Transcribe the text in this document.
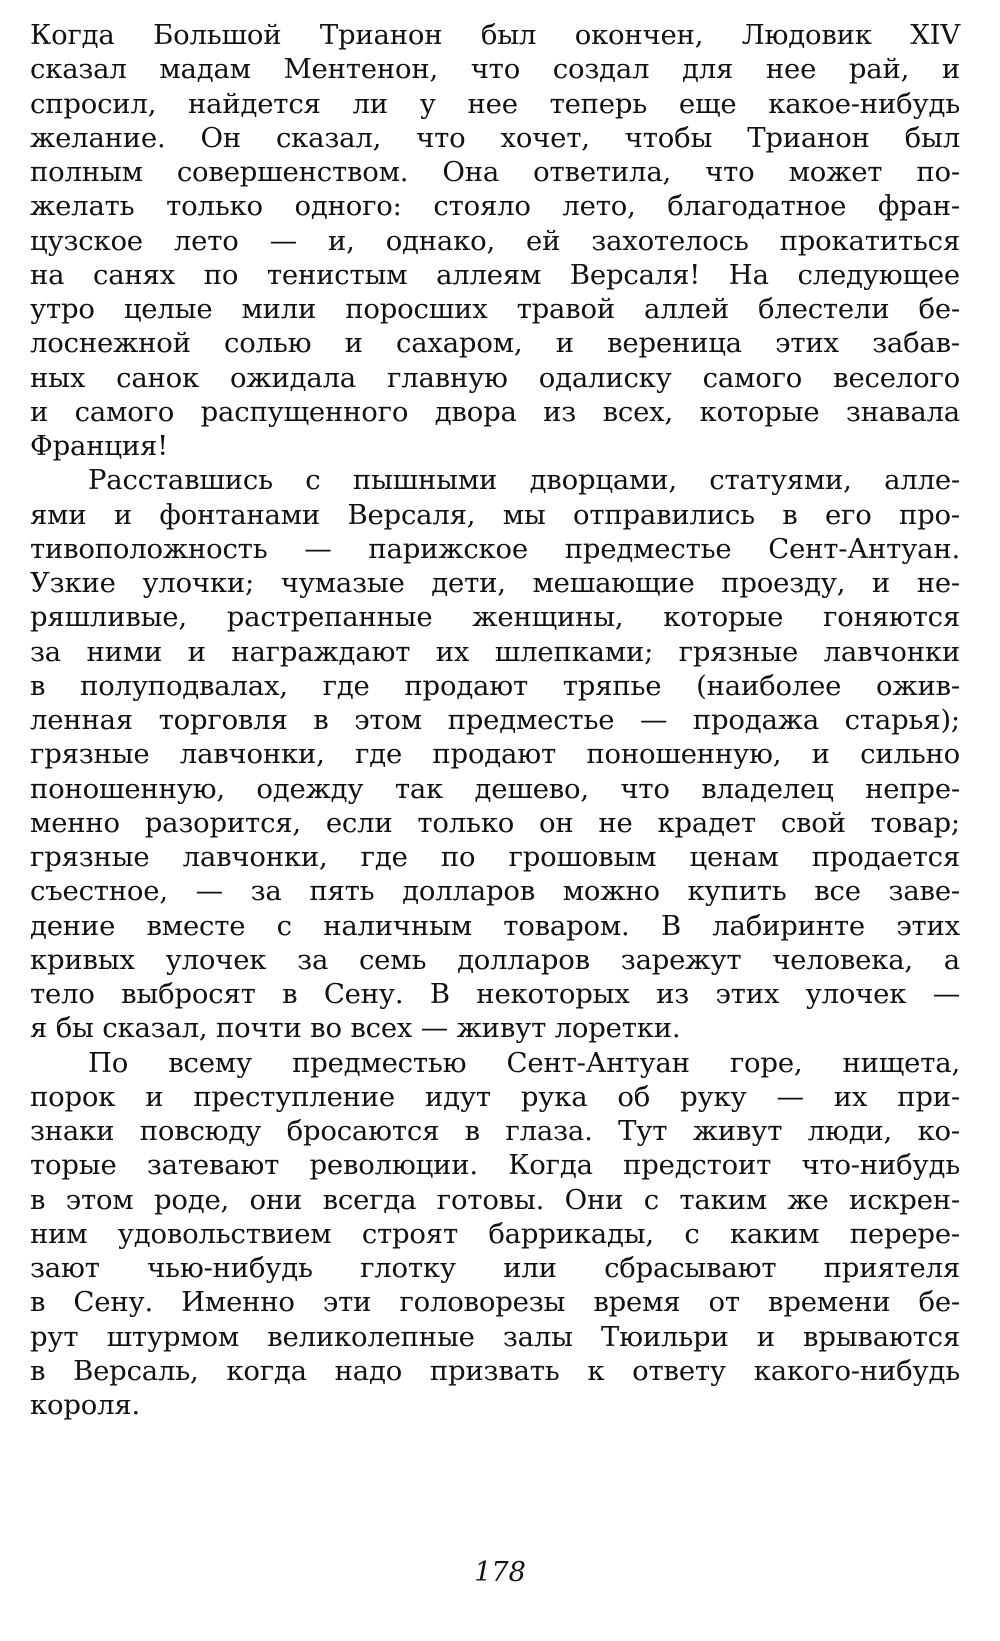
Когда Большой Трианон был окончен, Людовик XIV
сказал мадам Ментенон, что создал для нее рай, и
спросил, найдется ли у нее теперь еще какое-нибудь
желание. Он сказал, что хочет, чтобы Трианон был
полным совершенством. Она ответила, что может по-
желать только одного: стояло лето, благодатное фран-
цузское лето — и, однако, ей захотелось прокатиться
на санях по тенистым аллеям Версаля! На следующее
утро целые мили поросших травой аллей блестели бе-
лоснежной солью и сахаром, и вереница этих забав-
ных санок ожидала главную одалиску самого веселого
и самого распущенного двора из всех, которые знавала
Франция!
Расставшись с пышными дворцами, статуями, алле-
ями и фонтанами Версаля, мы отправились в его про-
тивоположность — парижское предместье Сент-Антуан.
Узкие улочки; чумазые дети, мешающие проезду, и не-
ряшливые, растрепанные женщины, которые гоняются
за ними и награждают их шлепками; грязные лавчонки
в полуподвалах, где продают тряпье (наиболее ожив-
ленная торговля в этом предместье — продажа старья);
грязные лавчонки, где продают поношенную, и сильно
поношенную, одежду так дешево, что владелец непре-
менно разорится, если только он не крадет свой товар;
грязные лавчонки, где по грошовым ценам продается
съестное, — за пять долларов можно купить все заве-
дение вместе с наличным товаром. В лабиринте этих
кривых улочек за семь долларов зарежут человека, а
тело выбросят в Сену. В некоторых из этих улочек —
я бы сказал, почти во всех — живут лоретки.
По всему предместью Сент-Антуан горе, нищета,
порок и преступление идут рука об руку — их при-
знаки повсюду бросаются в глаза. Тут живут люди, ко-
торые затевают революции. Когда предстоит что-нибудь
в этом роде, они всегда готовы. Они с таким же искрен-
ним удовольствием строят баррикады, с каким перере-
зают чью-нибудь глотку или сбрасывают приятеля
в Сену. Именно эти головорезы время от времени бе-
рут штурмом великолепные залы Тюильри и врываются
в Версаль, когда надо призвать к ответу какого-нибудь
короля.
178
